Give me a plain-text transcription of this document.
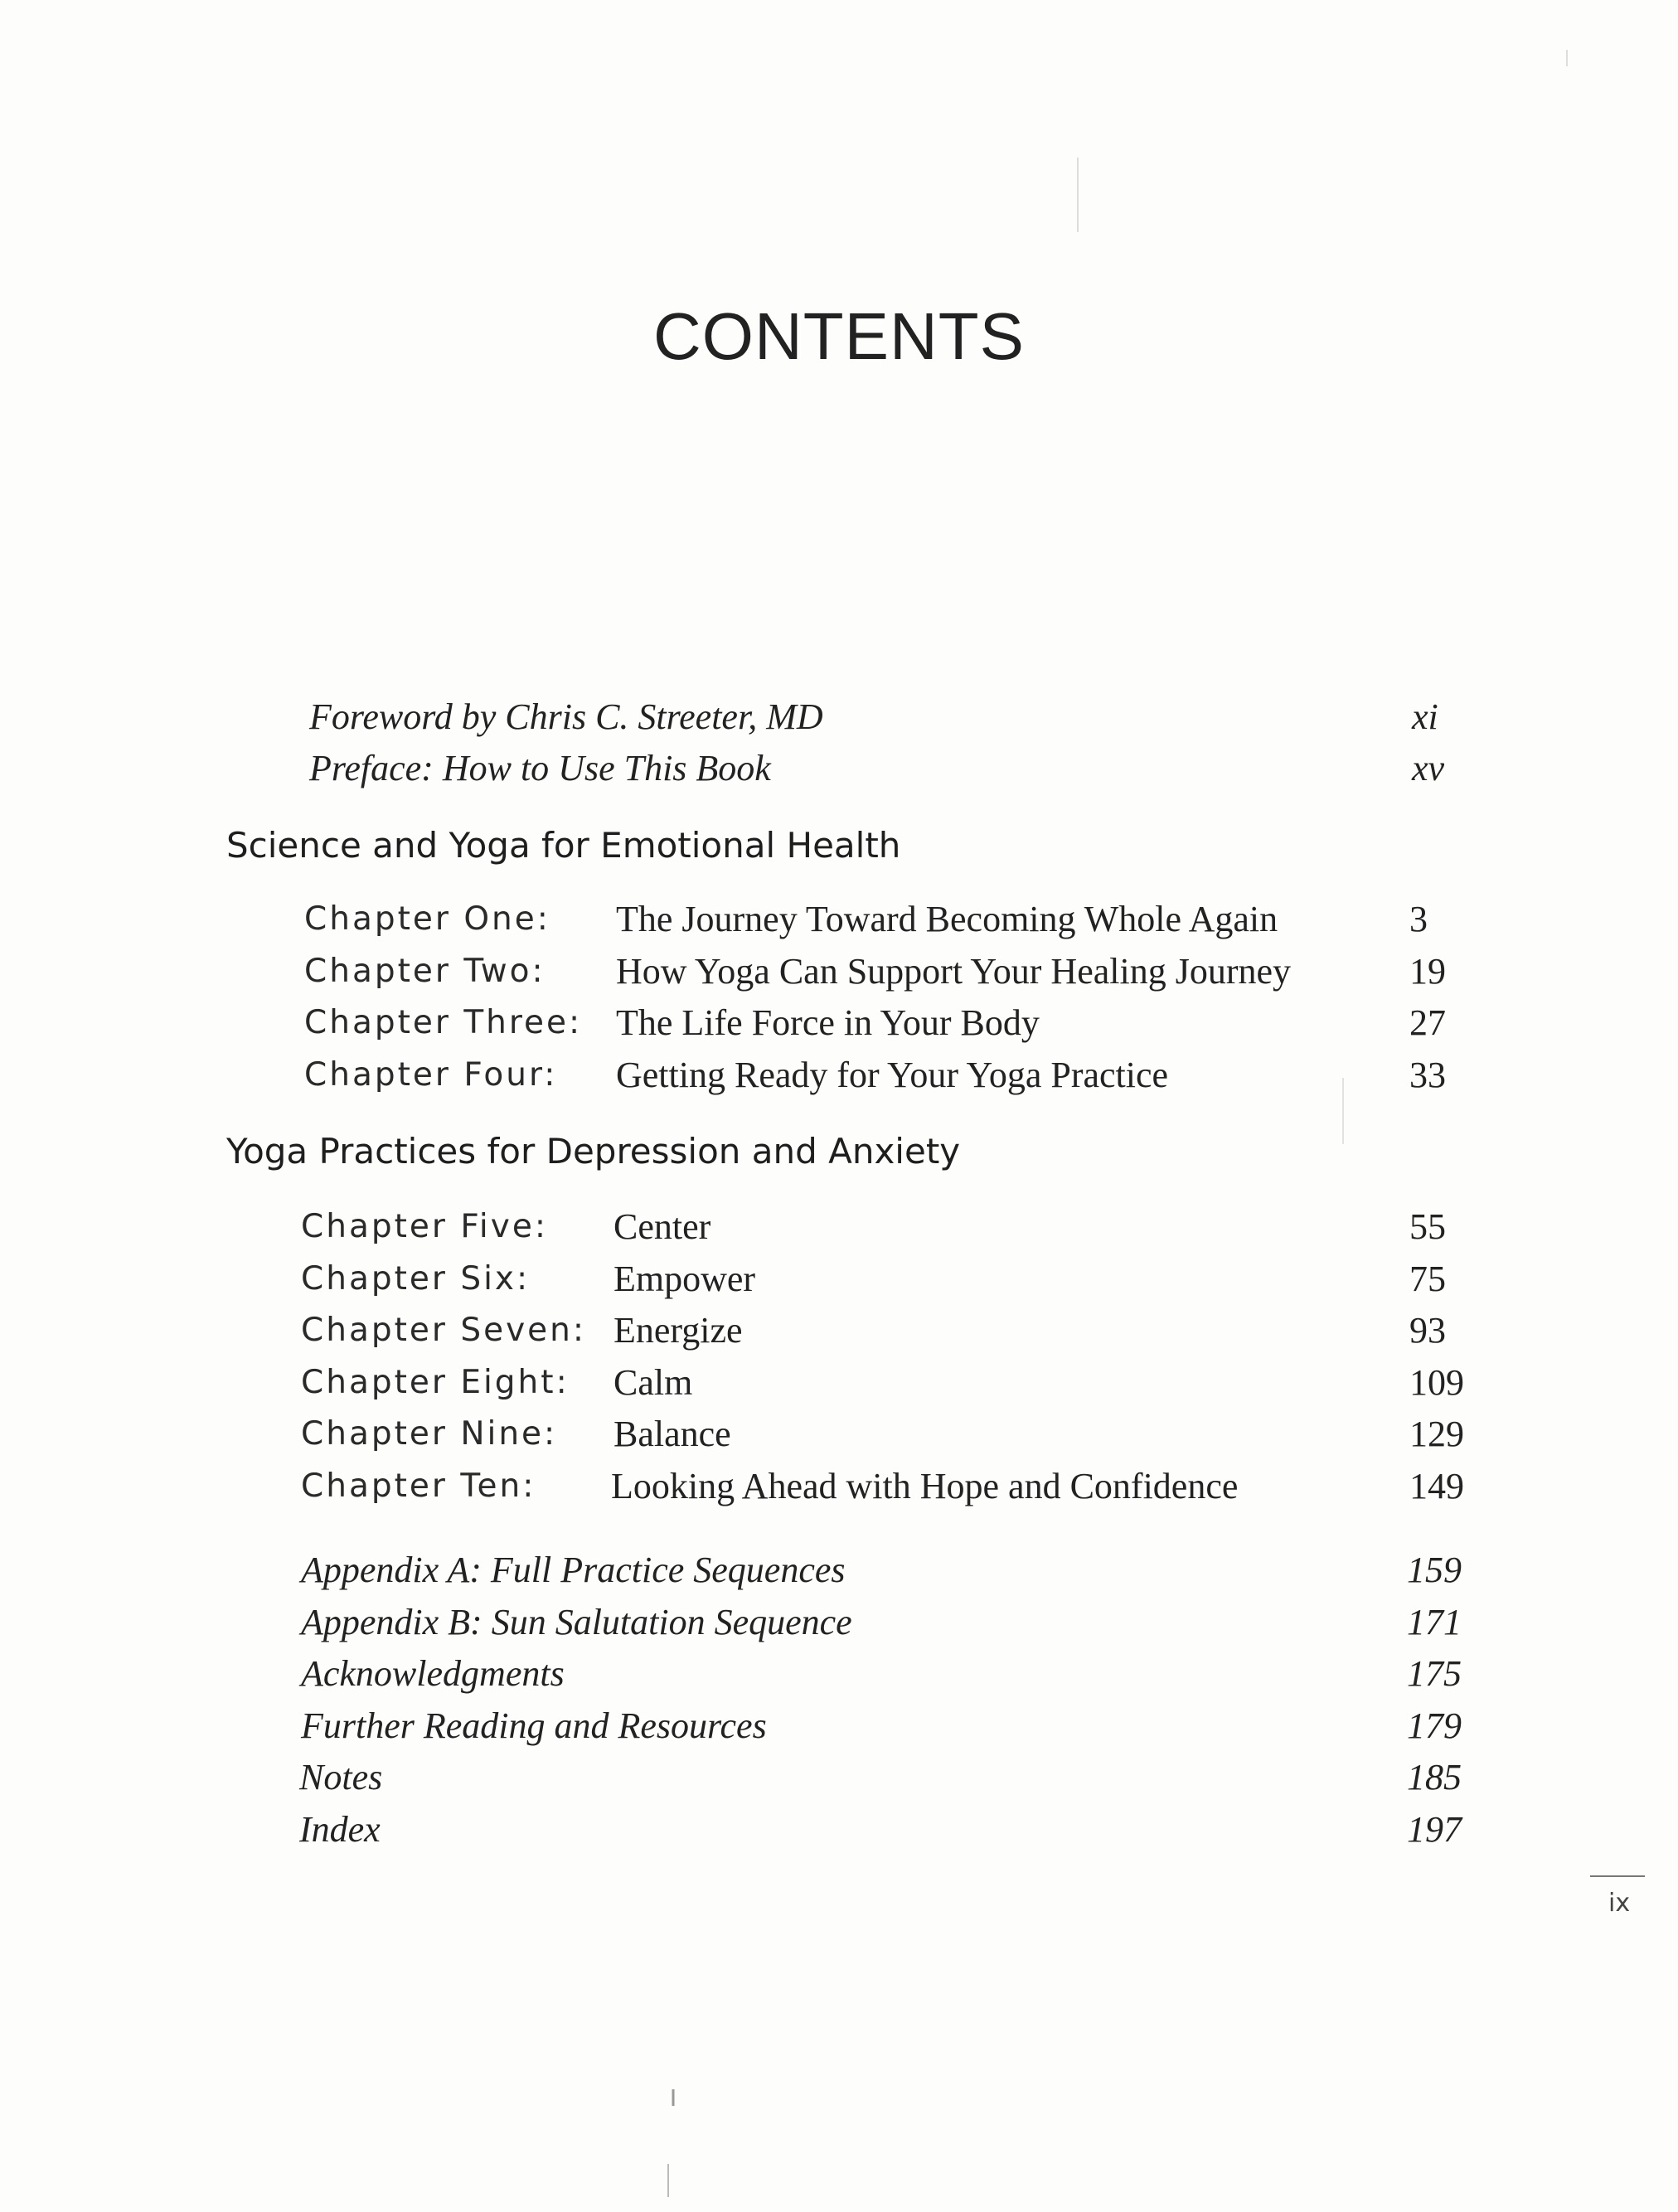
CONTENTS
Foreword by Chris C. Streeter, MD	xi
Preface: How to Use This Book	xv
Science and Yoga for Emotional Health
Chapter One: The Journey Toward Becoming Whole Again	3
Chapter Two: How Yoga Can Support Your Healing Journey	19
Chapter Three: The Life Force in Your Body	27
Chapter Four: Getting Ready for Your Yoga Practice	33
Yoga Practices for Depression and Anxiety
Chapter Five: Center	55
Chapter Six: Empower	75
Chapter Seven: Energize	93
Chapter Eight: Calm	109
Chapter Nine: Balance	129
Chapter Ten: Looking Ahead with Hope and Confidence	149
Appendix A: Full Practice Sequences	159
Appendix B: Sun Salutation Sequence	171
Acknowledgments	175
Further Reading and Resources	179
Notes	185
Index	197
ix
